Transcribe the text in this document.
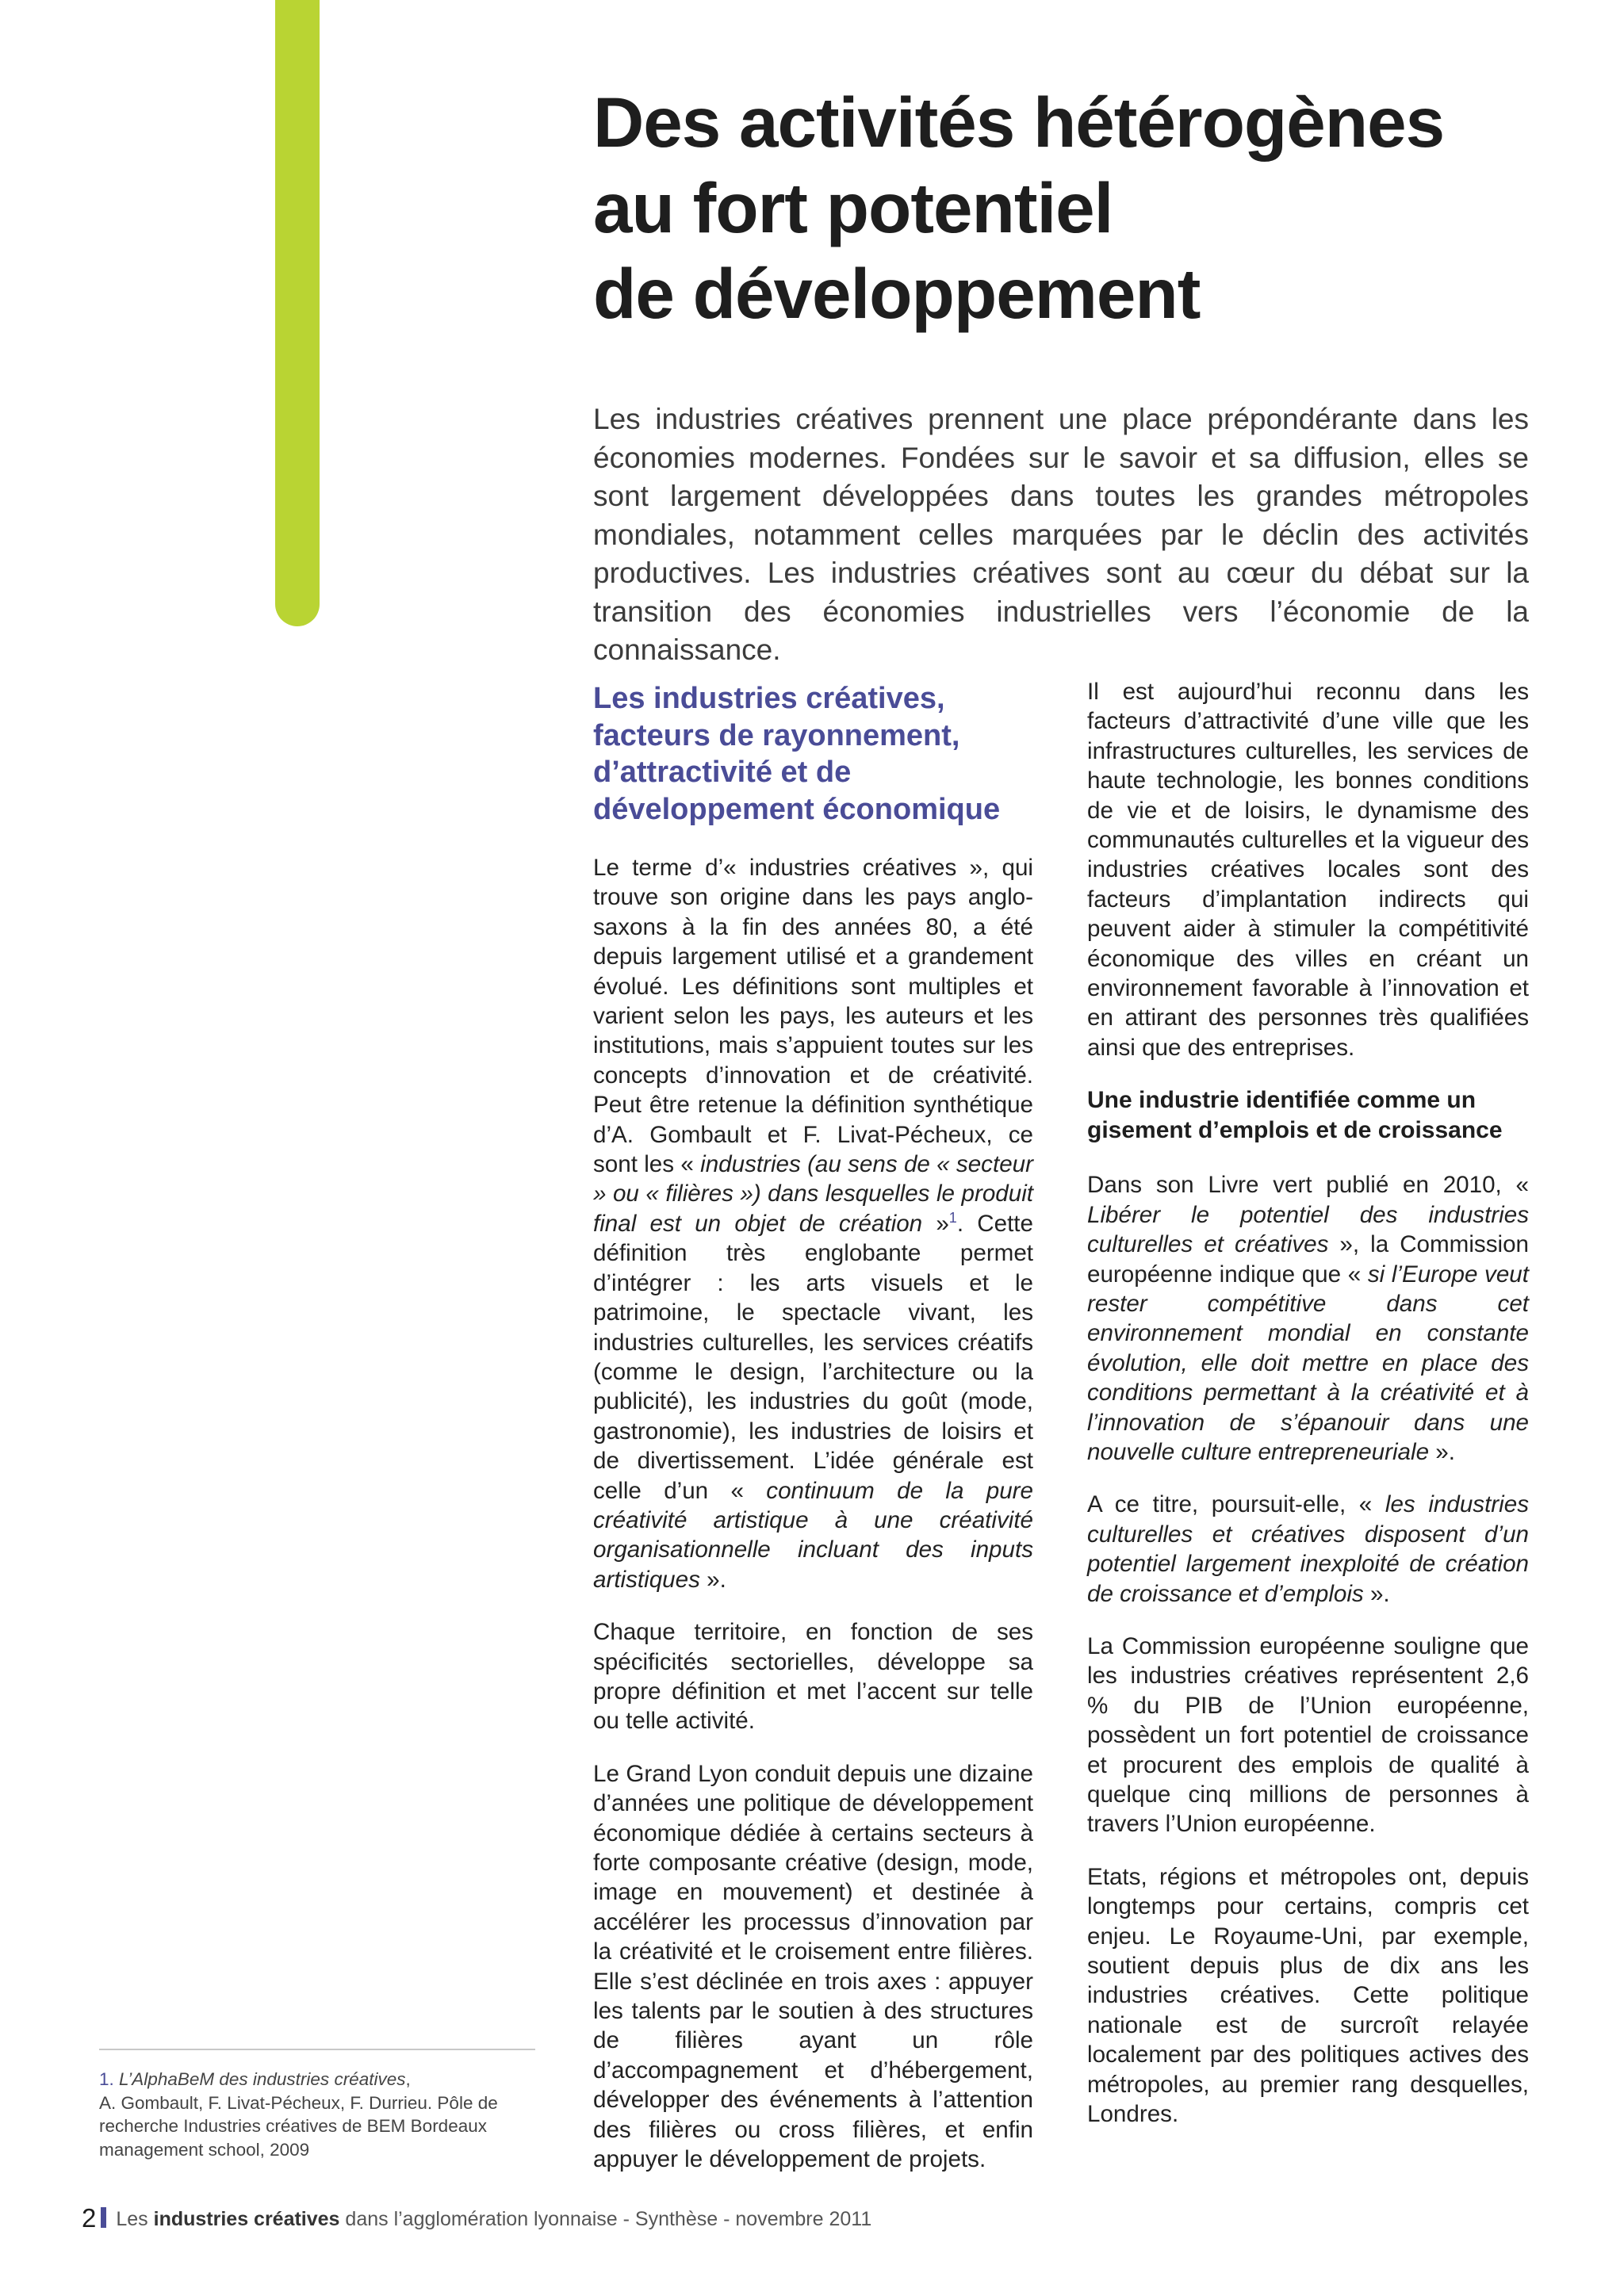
Des activités hétérogènes
au fort potentiel
de développement

Les industries créatives prennent une place prépondérante dans les économies modernes. Fondées sur le savoir et sa diffusion, elles se sont largement développées dans toutes les grandes métropoles mondiales, notamment celles marquées par le déclin des activités productives. Les industries créatives sont au cœur du débat sur la transition des économies industrielles vers l’économie de la connaissance.

Les industries créatives, facteurs de rayonnement, d’attractivité et de développement économique

Le terme d’« industries créatives », qui trouve son origine dans les pays anglo-saxons à la fin des années 80, a été depuis largement utilisé et a grandement évolué. Les définitions sont multiples et varient selon les pays, les auteurs et les institutions, mais s’appuient toutes sur les concepts d’innovation et de créativité. Peut être retenue la définition synthétique d’A. Gombault et F. Livat-Pécheux, ce sont les « industries (au sens de « secteur » ou « filières ») dans lesquelles le produit final est un objet de création »$^1$. Cette définition très englobante permet d’intégrer : les arts visuels et le patrimoine, le spectacle vivant, les industries culturelles, les services créatifs (comme le design, l’architecture ou la publicité), les industries du goût (mode, gastronomie), les industries de loisirs et de divertissement. L’idée générale est celle d’un « continuum de la pure créativité artistique à une créativité organisationnelle incluant des inputs artistiques ».

Chaque territoire, en fonction de ses spécificités sectorielles, développe sa propre définition et met l’accent sur telle ou telle activité.

Le Grand Lyon conduit depuis une dizaine d’années une politique de développement économique dédiée à certains secteurs à forte composante créative (design, mode, image en mouvement) et destinée à accélérer les processus d’innovation par la créativité et le croisement entre filières. Elle s’est déclinée en trois axes : appuyer les talents par le soutien à des structures de filières ayant un rôle d’accompagnement et d’hébergement, développer des événements à l’attention des filières ou cross filières, et enfin appuyer le développement de projets.

Il est aujourd’hui reconnu dans les facteurs d’attractivité d’une ville que les infrastructures culturelles, les services de haute technologie, les bonnes conditions de vie et de loisirs, le dynamisme des communautés culturelles et la vigueur des industries créatives locales sont des facteurs d’implantation indirects qui peuvent aider à stimuler la compétitivité économique des villes en créant un environnement favorable à l’innovation et en attirant des personnes très qualifiées ainsi que des entreprises.

Une industrie identifiée comme un gisement d’emplois et de croissance

Dans son Livre vert publié en 2010, « Libérer le potentiel des industries culturelles et créatives », la Commission européenne indique que « si l’Europe veut rester compétitive dans cet environnement mondial en constante évolution, elle doit mettre en place des conditions permettant à la créativité et à l’innovation de s’épanouir dans une nouvelle culture entrepreneuriale ».

A ce titre, poursuit-elle, « les industries culturelles et créatives disposent d’un potentiel largement inexploité de création de croissance et d’emplois ».

La Commission européenne souligne que les industries créatives représentent 2,6 % du PIB de l’Union européenne, possèdent un fort potentiel de croissance et procurent des emplois de qualité à quelque cinq millions de personnes à travers l’Union européenne.

Etats, régions et métropoles ont, depuis longtemps pour certains, compris cet enjeu. Le Royaume-Uni, par exemple, soutient depuis plus de dix ans les industries créatives. Cette politique nationale est de surcroît relayée localement par des politiques actives des métropoles, au premier rang desquelles, Londres.

1. L’AlphaBeM des industries créatives,
A. Gombault, F. Livat-Pécheux, F. Durrieu. Pôle de recherche Industries créatives de BEM Bordeaux management school, 2009

2 Les industries créatives dans l’agglomération lyonnaise - Synthèse - novembre 2011
